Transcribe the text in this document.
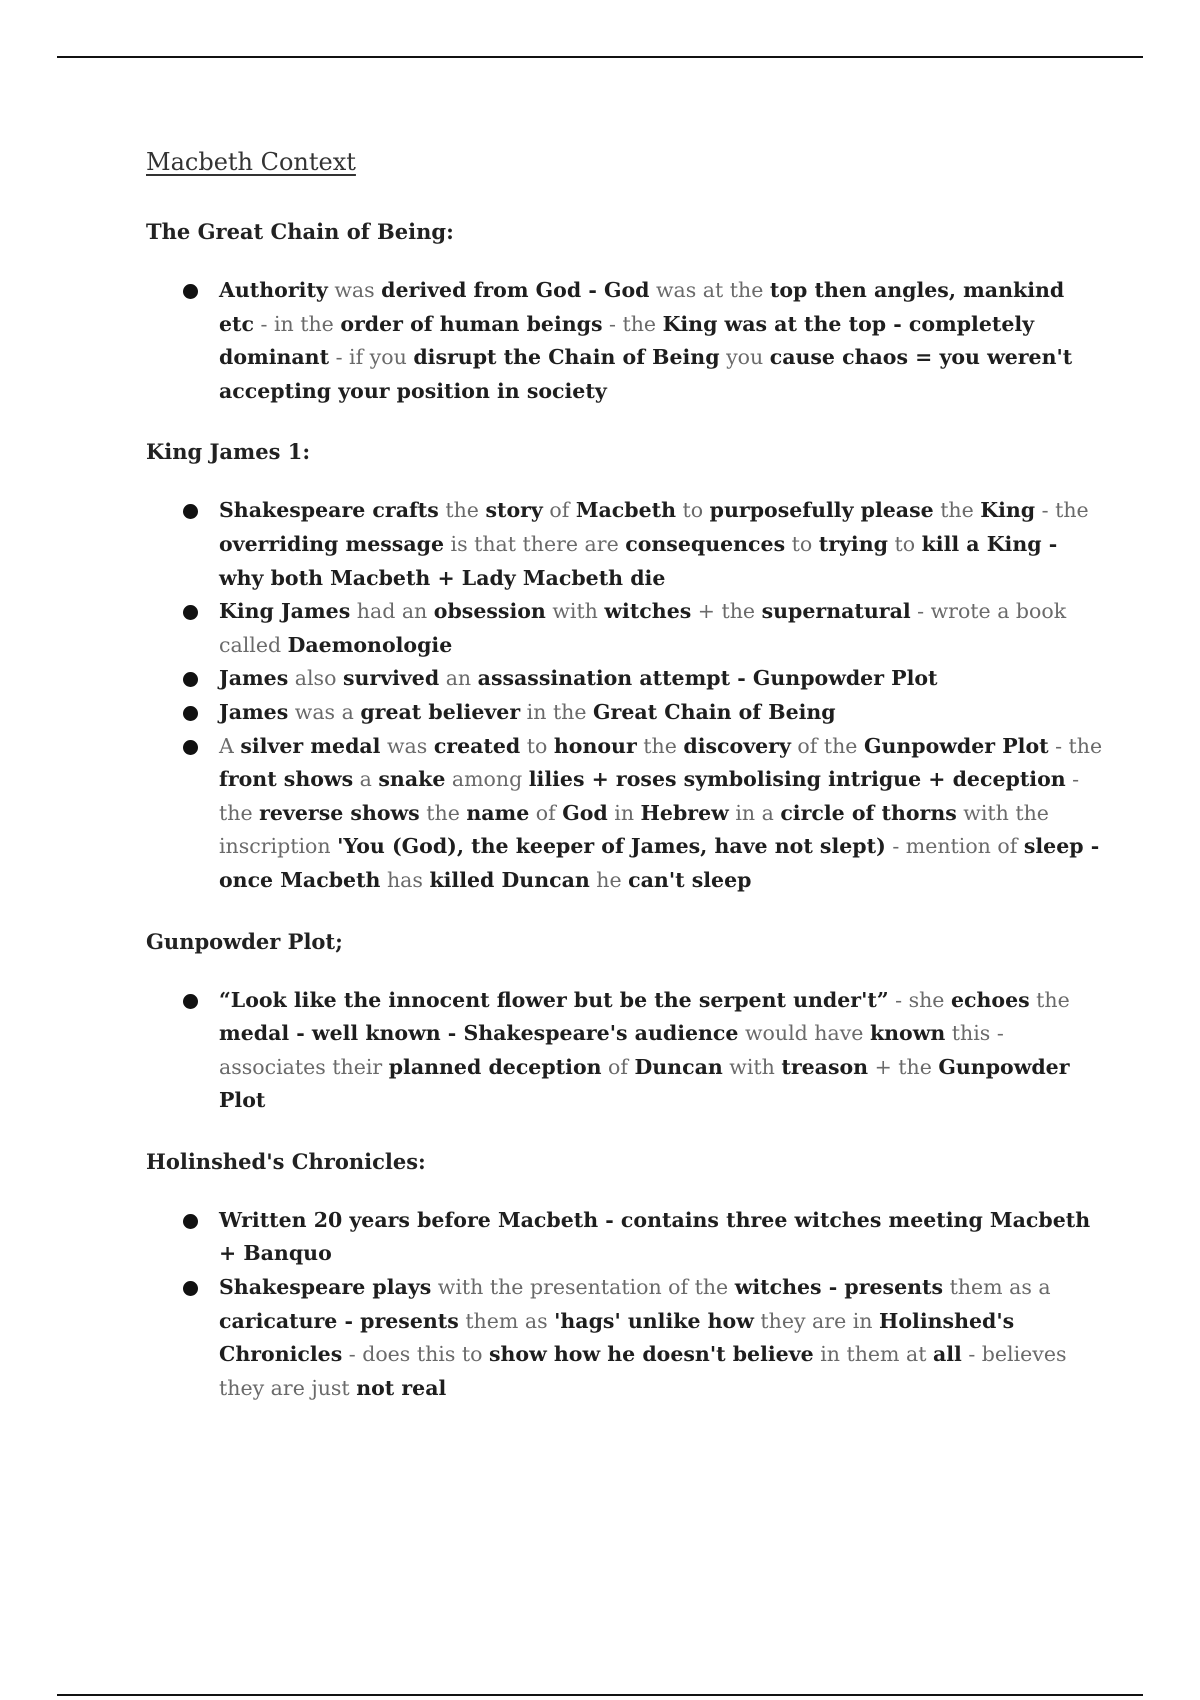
Macbeth Context
The Great Chain of Being:
Authority was derived from God - God was at the top then angles, mankind etc - in the order of human beings - the King was at the top - completely dominant - if you disrupt the Chain of Being you cause chaos = you weren't accepting your position in society
King James 1:
Shakespeare crafts the story of Macbeth to purposefully please the King - the overriding message is that there are consequences to trying to kill a King - why both Macbeth + Lady Macbeth die
King James had an obsession with witches + the supernatural - wrote a book called Daemonologie
James also survived an assassination attempt - Gunpowder Plot
James was a great believer in the Great Chain of Being
A silver medal was created to honour the discovery of the Gunpowder Plot - the front shows a snake among lilies + roses symbolising intrigue + deception - the reverse shows the name of God in Hebrew in a circle of thorns with the inscription 'You (God), the keeper of James, have not slept) - mention of sleep - once Macbeth has killed Duncan he can't sleep
Gunpowder Plot;
“Look like the innocent flower but be the serpent under't” - she echoes the medal - well known - Shakespeare's audience would have known this - associates their planned deception of Duncan with treason + the Gunpowder Plot
Holinshed's Chronicles:
Written 20 years before Macbeth - contains three witches meeting Macbeth + Banquo
Shakespeare plays with the presentation of the witches - presents them as a caricature - presents them as 'hags' unlike how they are in Holinshed's Chronicles - does this to show how he doesn't believe in them at all - believes they are just not real
